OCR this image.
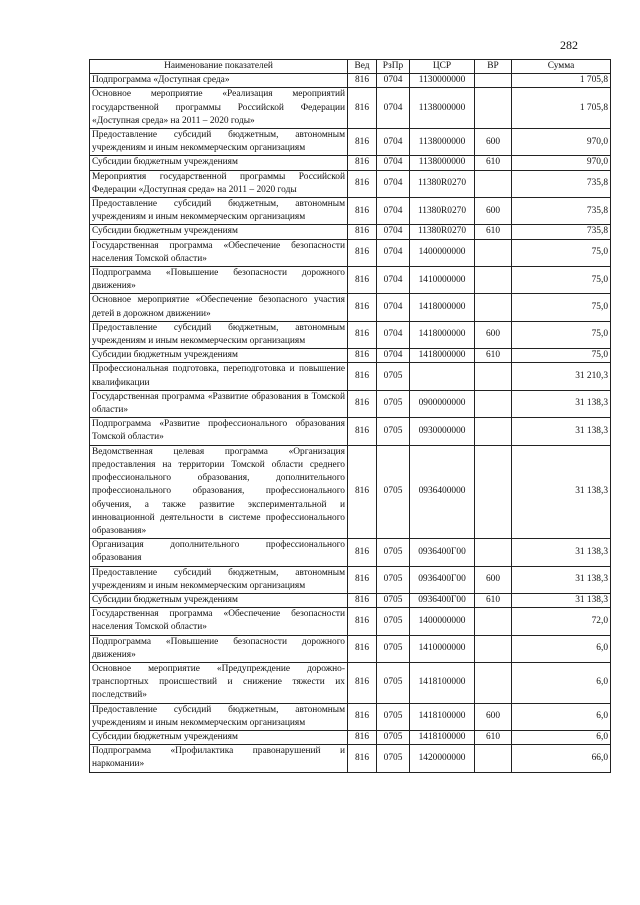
282
Наименование показателей	Вед	РзПр	ЦСР	ВР	Сумма
Подпрограмма «Доступная среда»	816	0704	1130000000		1 705,8
Основное мероприятие «Реализация мероприятий государственной программы Российской Федерации «Доступная среда» на 2011 – 2020 годы»	816	0704	1138000000		1 705,8
Предоставление субсидий бюджетным, автономным учреждениям и иным некоммерческим организациям	816	0704	1138000000	600	970,0
Субсидии бюджетным учреждениям	816	0704	1138000000	610	970,0
Мероприятия государственной программы Российской Федерации «Доступная среда» на 2011 – 2020 годы	816	0704	11380R0270		735,8
Предоставление субсидий бюджетным, автономным учреждениям и иным некоммерческим организациям	816	0704	11380R0270	600	735,8
Субсидии бюджетным учреждениям	816	0704	11380R0270	610	735,8
Государственная программа «Обеспечение безопасности населения Томской области»	816	0704	1400000000		75,0
Подпрограмма «Повышение безопасности дорожного движения»	816	0704	1410000000		75,0
Основное мероприятие «Обеспечение безопасного участия детей в дорожном движении»	816	0704	1418000000		75,0
Предоставление субсидий бюджетным, автономным учреждениям и иным некоммерческим организациям	816	0704	1418000000	600	75,0
Субсидии бюджетным учреждениям	816	0704	1418000000	610	75,0
Профессиональная подготовка, переподготовка и повышение квалификации	816	0705			31 210,3
Государственная программа «Развитие образования в Томской области»	816	0705	0900000000		31 138,3
Подпрограмма «Развитие профессионального образования Томской области»	816	0705	0930000000		31 138,3
Ведомственная целевая программа «Организация предоставления на территории Томской области среднего профессионального образования, дополнительного профессионального образования, профессионального обучения, а также развитие экспериментальной и инновационной деятельности в системе профессионального образования»	816	0705	0936400000		31 138,3
Организация дополнительного профессионального образования	816	0705	0936400Г00		31 138,3
Предоставление субсидий бюджетным, автономным учреждениям и иным некоммерческим организациям	816	0705	0936400Г00	600	31 138,3
Субсидии бюджетным учреждениям	816	0705	0936400Г00	610	31 138,3
Государственная программа «Обеспечение безопасности населения Томской области»	816	0705	1400000000		72,0
Подпрограмма «Повышение безопасности дорожного движения»	816	0705	1410000000		6,0
Основное мероприятие «Предупреждение дорожно-транспортных происшествий и снижение тяжести их последствий»	816	0705	1418100000		6,0
Предоставление субсидий бюджетным, автономным учреждениям и иным некоммерческим организациям	816	0705	1418100000	600	6,0
Субсидии бюджетным учреждениям	816	0705	1418100000	610	6,0
Подпрограмма «Профилактика правонарушений и наркомании»	816	0705	1420000000		66,0
